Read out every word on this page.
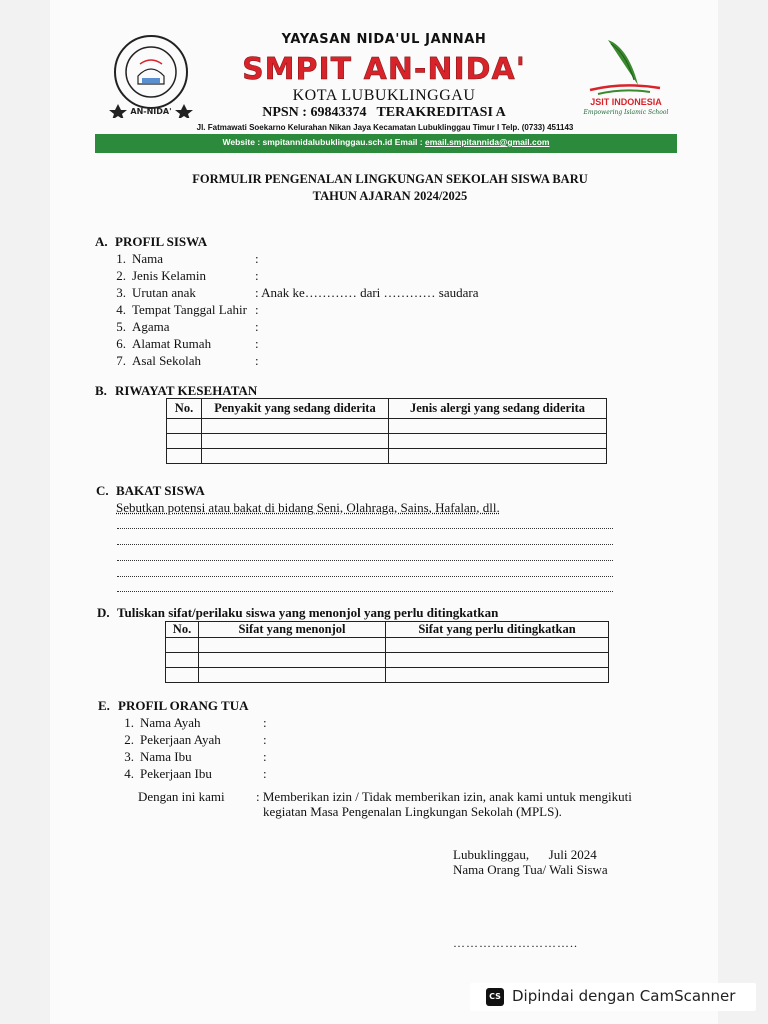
AN-NIDA'
JSIT INDONESIA
Empowering Islamic School
YAYASAN NIDA'UL JANNAH
SMPIT AN-NIDA'
KOTA LUBUKLINGGAU
NPSN : 69843374 TERAKREDITASI A
Jl. Fatmawati Soekarno Kelurahan Nikan Jaya Kecamatan Lubuklinggau Timur I Telp. (0733) 451143
Website : smpitannidalubuklinggau.sch.id Email : email.smpitannida@gmail.com
FORMULIR PENGENALAN LINGKUNGAN SEKOLAH SISWA BARU
TAHUN AJARAN 2024/2025
A. PROFIL SISWA
1. Nama	:
2. Jenis Kelamin	:
3. Urutan anak	: Anak ke………… dari ………… saudara
4. Tempat Tanggal Lahir :
5. Agama	:
6. Alamat Rumah	:
7. Asal Sekolah	:
B. RIWAYAT KESEHATAN
No.	Penyakit yang sedang diderita	Jenis alergi yang sedang diderita

C. BAKAT SISWA
Sebutkan potensi atau bakat di bidang Seni, Olahraga, Sains, Hafalan, dll.
D. Tuliskan sifat/perilaku siswa yang menonjol yang perlu ditingkatkan
No.	Sifat yang menonjol	Sifat yang perlu ditingkatkan

E. PROFIL ORANG TUA
1. Nama Ayah	:
2. Pekerjaan Ayah	:
3. Nama Ibu	:
4. Pekerjaan Ibu	:
Dengan ini kami : Memberikan izin / Tidak memberikan izin, anak kami untuk mengikuti
kegiatan Masa Pengenalan Lingkungan Sekolah (MPLS).
Lubuklinggau,      Juli 2024
Nama Orang Tua/ Wali Siswa
………………………..
CS Dipindai dengan CamScanner
